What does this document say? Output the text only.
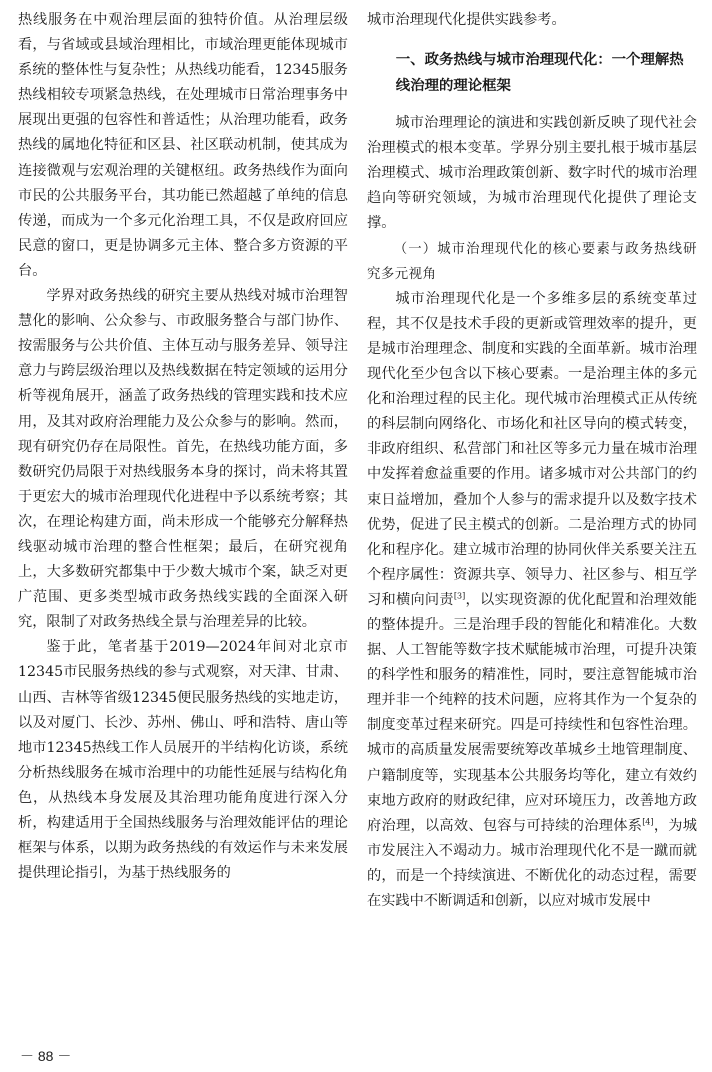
热线服务在中观治理层面的独特价值。从治理层级看，与省域或县域治理相比，市域治理更能体现城市系统的整体性与复杂性；从热线功能看，12345服务热线相较专项紧急热线，在处理城市日常治理事务中展现出更强的包容性和普适性；从治理功能看，政务热线的属地化特征和区县、社区联动机制，使其成为连接微观与宏观治理的关键枢纽。政务热线作为面向市民的公共服务平台，其功能已然超越了单纯的信息传递，而成为一个多元化治理工具，不仅是政府回应民意的窗口，更是协调多元主体、整合多方资源的平台。

学界对政务热线的研究主要从热线对城市治理智慧化的影响、公众参与、市政服务整合与部门协作、按需服务与公共价值、主体互动与服务差异、领导注意力与跨层级治理以及热线数据在特定领域的运用分析等视角展开，涵盖了政务热线的管理实践和技术应用，及其对政府治理能力及公众参与的影响。然而，现有研究仍存在局限性。首先，在热线功能方面，多数研究仍局限于对热线服务本身的探讨，尚未将其置于更宏大的城市治理现代化进程中予以系统考察；其次，在理论构建方面，尚未形成一个能够充分解释热线驱动城市治理的整合性框架；最后，在研究视角上，大多数研究都集中于少数大城市个案，缺乏对更广范围、更多类型城市政务热线实践的全面深入研究，限制了对政务热线全景与治理差异的比较。

鉴于此，笔者基于2019—2024年间对北京市12345市民服务热线的参与式观察，对天津、甘肃、山西、吉林等省级12345便民服务热线的实地走访，以及对厦门、长沙、苏州、佛山、呼和浩特、唐山等地市12345热线工作人员展开的半结构化访谈，系统分析热线服务在城市治理中的功能性延展与结构化角色，从热线本身发展及其治理功能角度进行深入分析，构建适用于全国热线服务与治理效能评估的理论框架与体系，以期为政务热线的有效运作与未来发展提供理论指引，为基于热线服务的

城市治理现代化提供实践参考。

一、政务热线与城市治理现代化：一个理解热线治理的理论框架

城市治理理论的演进和实践创新反映了现代社会治理模式的根本变革。学界分别主要扎根于城市基层治理模式、城市治理政策创新、数字时代的城市治理趋向等研究领域，为城市治理现代化提供了理论支撑。

（一）城市治理现代化的核心要素与政务热线研究多元视角

城市治理现代化是一个多维多层的系统变革过程，其不仅是技术手段的更新或管理效率的提升，更是城市治理理念、制度和实践的全面革新。城市治理现代化至少包含以下核心要素。一是治理主体的多元化和治理过程的民主化。现代城市治理模式正从传统的科层制向网络化、市场化和社区导向的模式转变，非政府组织、私营部门和社区等多元力量在城市治理中发挥着愈益重要的作用。诸多城市对公共部门的约束日益增加，叠加个人参与的需求提升以及数字技术优势，促进了民主模式的创新。二是治理方式的协同化和程序化。建立城市治理的协同伙伴关系要关注五个程序属性：资源共享、领导力、社区参与、相互学习和横向问责[3]，以实现资源的优化配置和治理效能的整体提升。三是治理手段的智能化和精准化。大数据、人工智能等数字技术赋能城市治理，可提升决策的科学性和服务的精准性，同时，要注意智能城市治理并非一个纯粹的技术问题，应将其作为一个复杂的制度变革过程来研究。四是可持续性和包容性治理。城市的高质量发展需要统筹改革城乡土地管理制度、户籍制度等，实现基本公共服务均等化，建立有效约束地方政府的财政纪律，应对环境压力，改善地方政府治理，以高效、包容与可持续的治理体系[4]，为城市发展注入不竭动力。城市治理现代化不是一蹴而就的，而是一个持续演进、不断优化的动态过程，需要在实践中不断调适和创新，以应对城市发展中

－ 88 －
